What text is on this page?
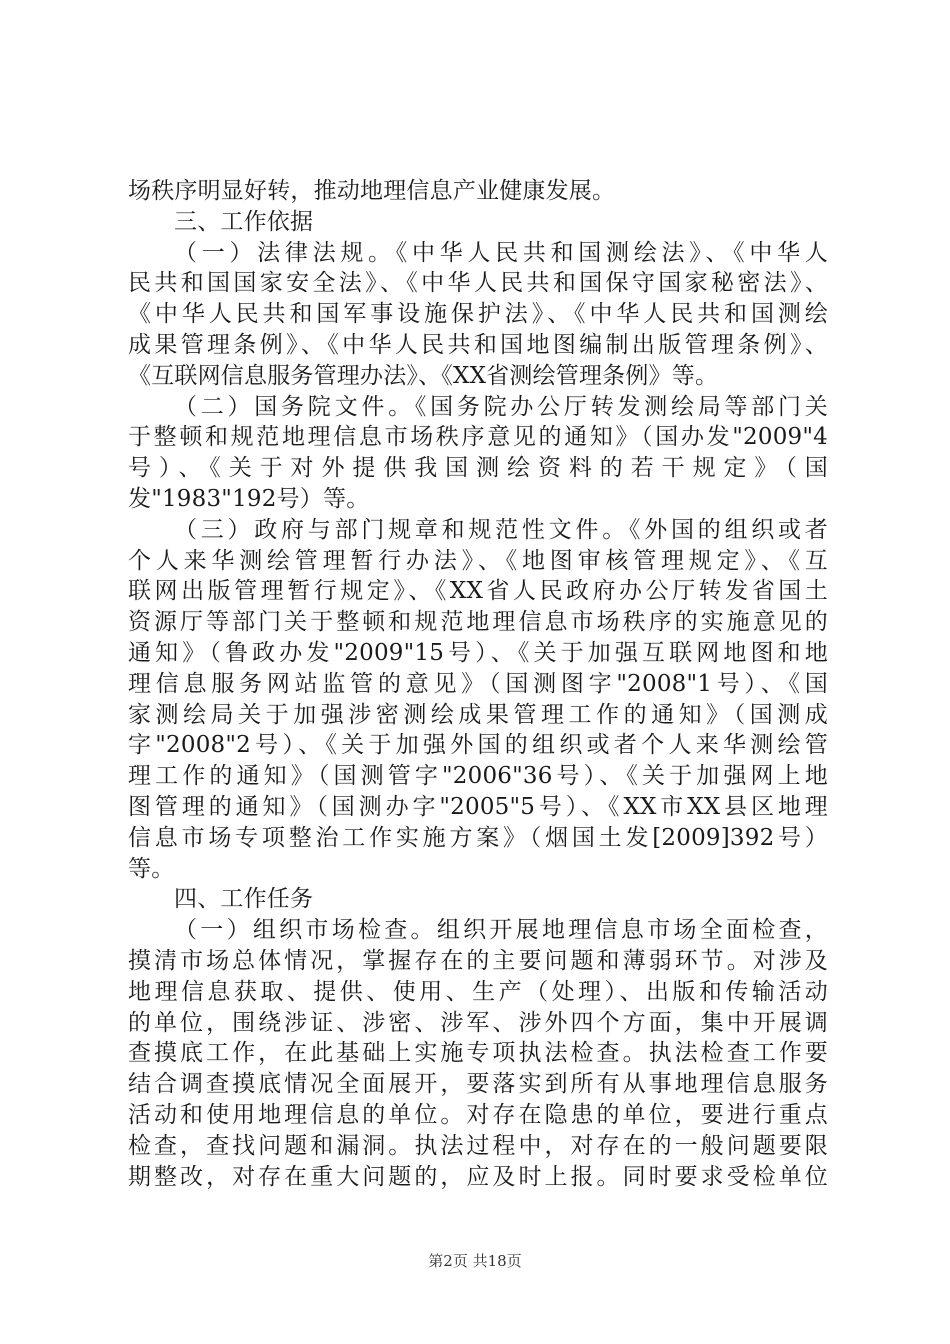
场秩序明显好转，推动地理信息产业健康发展。
三、工作依据
（一）法律法规。《中华人民共和国测绘法》、《中华人
民共和国国家安全法》、《中华人民共和国保守国家秘密法》、
《中华人民共和国军事设施保护法》、《中华人民共和国测绘
成果管理条例》、《中华人民共和国地图编制出版管理条例》、
《互联网信息服务管理办法》、《XX省测绘管理条例》等。
（二）国务院文件。《国务院办公厅转发测绘局等部门关
于整顿和规范地理信息市场秩序意见的通知》（国办发"2009"4
号）、《关于对外提供我国测绘资料的若干规定》（国
发"1983"192号）等。
（三）政府与部门规章和规范性文件。《外国的组织或者
个人来华测绘管理暂行办法》、《地图审核管理规定》、《互
联网出版管理暂行规定》、《XX省人民政府办公厅转发省国土
资源厅等部门关于整顿和规范地理信息市场秩序的实施意见的
通知》（鲁政办发"2009"15号）、《关于加强互联网地图和地
理信息服务网站监管的意见》（国测图字"2008"1号）、《国
家测绘局关于加强涉密测绘成果管理工作的通知》（国测成
字"2008"2号）、《关于加强外国的组织或者个人来华测绘管
理工作的通知》（国测管字"2006"36号）、《关于加强网上地
图管理的通知》（国测办字"2005"5号）、《XX市XX县区地理
信息市场专项整治工作实施方案》（烟国土发[2009]392号）
等。
四、工作任务
（一）组织市场检查。组织开展地理信息市场全面检查，
摸清市场总体情况，掌握存在的主要问题和薄弱环节。对涉及
地理信息获取、提供、使用、生产（处理）、出版和传输活动
的单位，围绕涉证、涉密、涉军、涉外四个方面，集中开展调
查摸底工作，在此基础上实施专项执法检查。执法检查工作要
结合调查摸底情况全面展开，要落实到所有从事地理信息服务
活动和使用地理信息的单位。对存在隐患的单位，要进行重点
检查，查找问题和漏洞。执法过程中，对存在的一般问题要限
期整改，对存在重大问题的，应及时上报。同时要求受检单位
第2页 共18页
